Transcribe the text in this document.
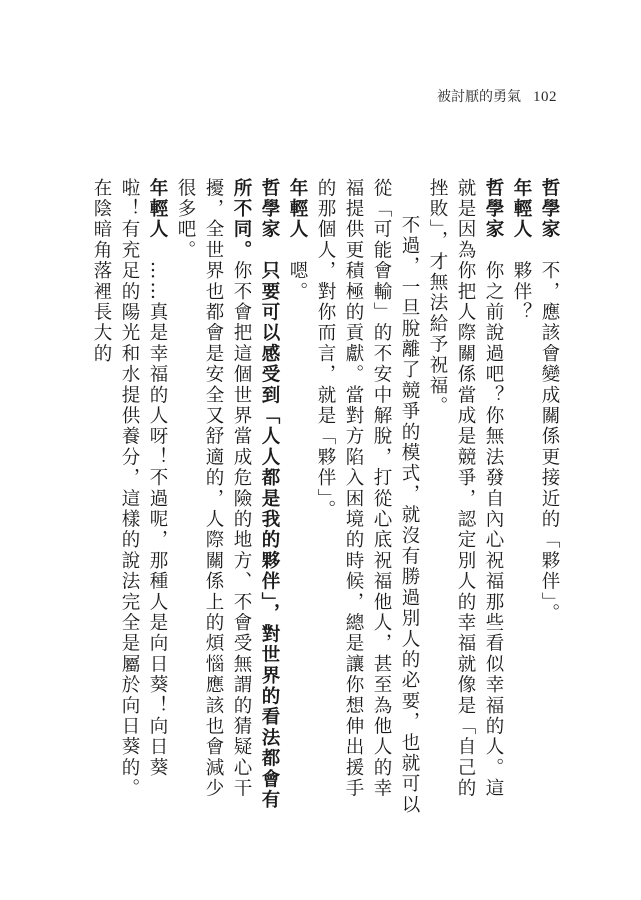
被討厭的勇氣 102

哲學家　不，應該會變成關係更接近的「夥伴」。

年輕人　夥伴？

哲學家　你之前說過吧？你無法發自內心祝福那些看似幸福的人。這就是因為你把人際關係當成是競爭，認定別人的幸福就像是「自己的挫敗」，才無法給予祝福。

不過，一旦脫離了競爭的模式，就沒有勝過別人的必要，也就可以從「可能會輸」的不安中解脫，打從心底祝福他人，甚至為他人的幸福提供更積極的貢獻。當對方陷入困境的時候，總是讓你想伸出援手的那個人，對你而言，就是「夥伴」。

年輕人　嗯。

哲學家　只要可以感受到「人人都是我的夥伴」，對世界的看法都會有所不同。你不會把這個世界當成危險的地方、不會受無謂的猜疑心干擾，全世界也都會是安全又舒適的，人際關係上的煩惱應該也會減少很多吧。

年輕人　……真是幸福的人呀！不過呢，那種人是向日葵！向日葵啦！有充足的陽光和水提供養分，這樣的說法完全是屬於向日葵的。在陰暗角落裡長大的
